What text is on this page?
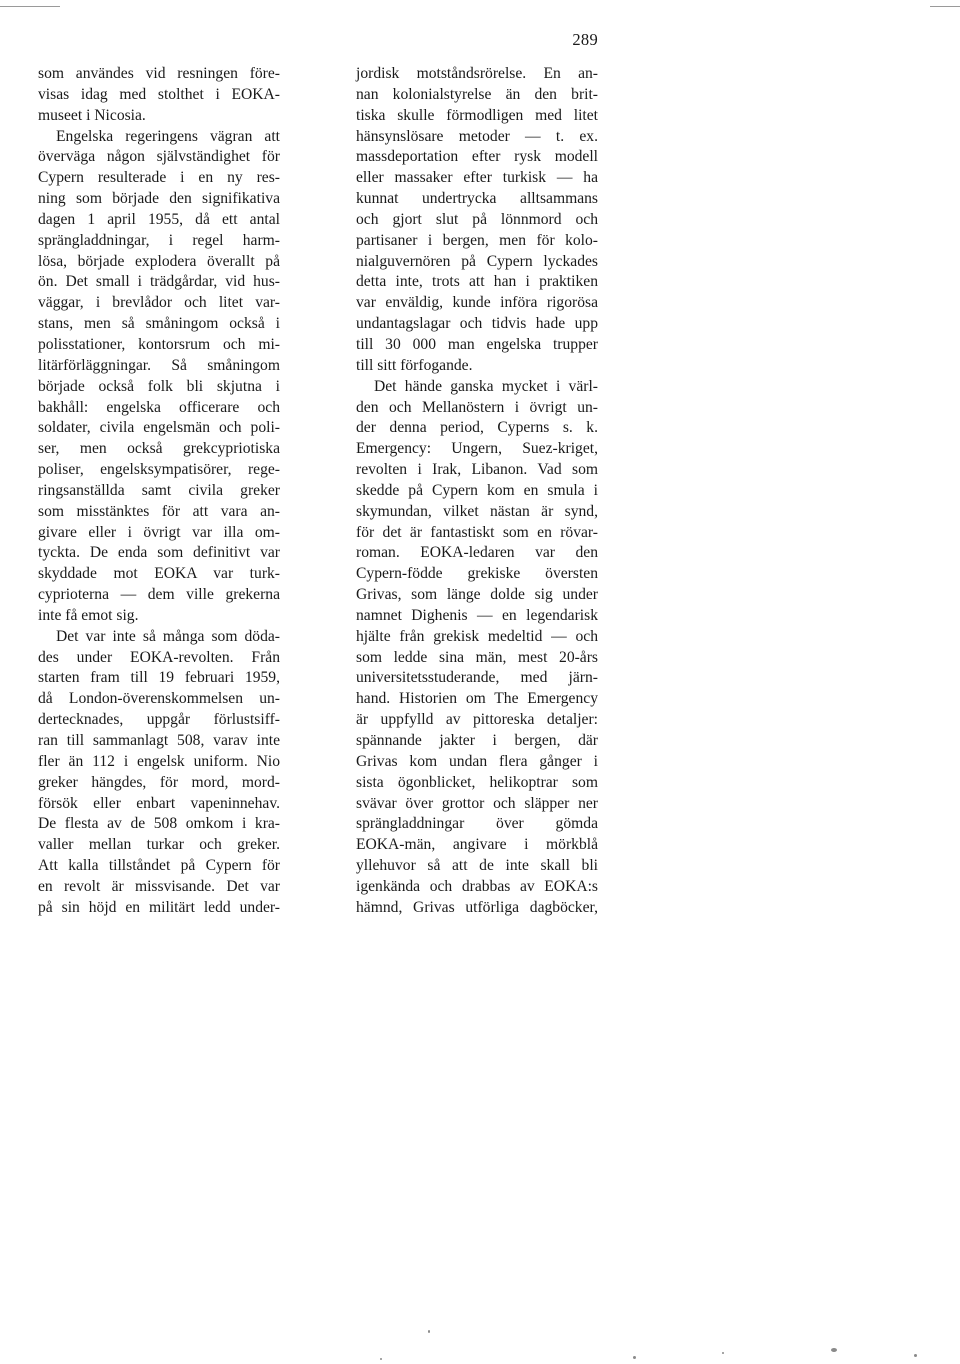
289
som användes vid resningen före-
visas idag med stolthet i EOKA-
museet i Nicosia.
Engelska regeringens vägran att
överväga någon självständighet för
Cypern resulterade i en ny res-
ning som började den signifikativa
dagen 1 april 1955, då ett antal
sprängladdningar, i regel harm-
lösa, började explodera överallt på
ön. Det small i trädgårdar, vid hus-
väggar, i brevlådor och litet var-
stans, men så småningom också i
polisstationer, kontorsrum och mi-
litärförläggningar. Så småningom
började också folk bli skjutna i
bakhåll: engelska officerare och
soldater, civila engelsmän och poli-
ser, men också grekcypriotiska
poliser, engelsksympatisörer, rege-
ringsanställda samt civila greker
som misstänktes för att vara an-
givare eller i övrigt var illa om-
tyckta. De enda som definitivt var
skyddade mot EOKA var turk-
cyprioterna — dem ville grekerna
inte få emot sig.
Det var inte så många som döda-
des under EOKA-revolten. Från
starten fram till 19 februari 1959,
då London-överenskommelsen un-
dertecknades, uppgår förlustsiff-
ran till sammanlagt 508, varav inte
fler än 112 i engelsk uniform. Nio
greker hängdes, för mord, mord-
försök eller enbart vapeninnehav.
De flesta av de 508 omkom i kra-
valler mellan turkar och greker.
Att kalla tillståndet på Cypern för
en revolt är missvisande. Det var
på sin höjd en militärt ledd under-
jordisk motståndsrörelse. En an-
nan kolonialstyrelse än den brit-
tiska skulle förmodligen med litet
hänsynslösare metoder — t. ex.
massdeportation efter rysk modell
eller massaker efter turkisk — ha
kunnat undertrycka alltsammans
och gjort slut på lönnmord och
partisaner i bergen, men för kolo-
nialguvernören på Cypern lyckades
detta inte, trots att han i praktiken
var enväldig, kunde införa rigorösa
undantagslagar och tidvis hade upp
till 30 000 man engelska trupper
till sitt förfogande.
Det hände ganska mycket i värl-
den och Mellanöstern i övrigt un-
der denna period, Cyperns s. k.
Emergency: Ungern, Suez-kriget,
revolten i Irak, Libanon. Vad som
skedde på Cypern kom en smula i
skymundan, vilket nästan är synd,
för det är fantastiskt som en rövar-
roman. EOKA-ledaren var den
Cypern-födde grekiske översten
Grivas, som länge dolde sig under
namnet Dighenis — en legendarisk
hjälte från grekisk medeltid — och
som ledde sina män, mest 20-års
universitetsstuderande, med järn-
hand. Historien om The Emergency
är uppfylld av pittoreska detaljer:
spännande jakter i bergen, där
Grivas kom undan flera gånger i
sista ögonblicket, helikoptrar som
svävar över grottor och släpper ner
sprängladdningar över gömda
EOKA-män, angivare i mörkblå
yllehuvor så att de inte skall bli
igenkända och drabbas av EOKA:s
hämnd, Grivas utförliga dagböcker,
